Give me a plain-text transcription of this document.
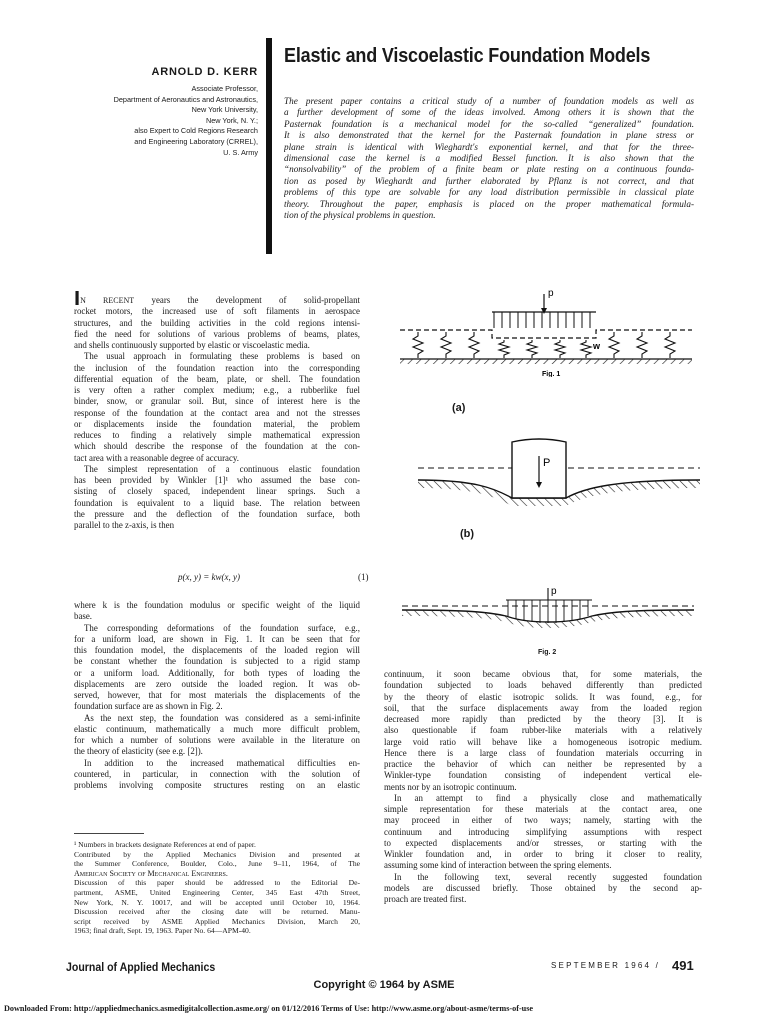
ARNOLD D. KERR
Associate Professor,
Department of Aeronautics and Astronautics,
New York University,
New York, N. Y.;
also Expert to Cold Regions Research
and Engineering Laboratory (CRREL),
U. S. Army
Elastic and Viscoelastic Foundation Models
The present paper contains a critical study of a number of foundation models as well as
a further development of some of the ideas involved. Among others it is shown that the
Pasternak foundation is a mechanical model for the so-called “generalized” foundation.
It is also demonstrated that the kernel for the Pasternak foundation in plane stress or
plane strain is identical with Wieghardt's exponential kernel, and that for the three-
dimensional case the kernel is a modified Bessel function. It is also shown that the
“nonsolvability” of the problem of a finite beam or plate resting on a continuous founda-
tion as posed by Wieghardt and further elaborated by Pflanz is not correct, and that
problems of this type are solvable for any load distribution permissible in classical plate
theory. Throughout the paper, emphasis is placed on the proper mathematical formula-
tion of the physical problems in question.
IN RECENT years the development of solid-propellant
rocket motors, the increased use of soft filaments in aerospace
structures, and the building activities in the cold regions intensi-
fied the need for solutions of various problems of beams, plates,
and shells continuously supported by elastic or viscoelastic media.
The usual approach in formulating these problems is based on
the inclusion of the foundation reaction into the corresponding
differential equation of the beam, plate, or shell. The foundation
is very often a rather complex medium; e.g., a rubberlike fuel
binder, snow, or granular soil. But, since of interest here is the
response of the foundation at the contact area and not the stresses
or displacements inside the foundation material, the problem
reduces to finding a relatively simple mathematical expression
which should describe the response of the foundation at the con-
tact area with a reasonable degree of accuracy.
The simplest representation of a continuous elastic foundation
has been provided by Winkler [1]¹ who assumed the base con-
sisting of closely spaced, independent linear springs. Such a
foundation is equivalent to a liquid base. The relation between
the pressure and the deflection of the foundation surface, both
parallel to the z-axis, is then
p(x, y) = kw(x, y)	(1)
where k is the foundation modulus or specific weight of the liquid
base.
The corresponding deformations of the foundation surface, e.g.,
for a uniform load, are shown in Fig. 1. It can be seen that for
this foundation model, the displacements of the loaded region will
be constant whether the foundation is subjected to a rigid stamp
or a uniform load. Additionally, for both types of loading the
displacements are zero outside the loaded region. It was ob-
served, however, that for most materials the displacements of the
foundation surface are as shown in Fig. 2.
As the next step, the foundation was considered as a semi-infinite
elastic continuum, mathematically a much more difficult problem,
for which a number of solutions were available in the literature on
the theory of elasticity (see e.g. [2]).
In addition to the increased mathematical difficulties en-
countered, in particular, in connection with the solution of
problems involving composite structures resting on an elastic
¹ Numbers in brackets designate References at end of paper.
Contributed by the Applied Mechanics Division and presented at
the Summer Conference, Boulder, Colo., June 9–11, 1964, of The
American Society of Mechanical Engineers.
Discussion of this paper should be addressed to the Editorial De-
partment, ASME, United Engineering Center, 345 East 47th Street,
New York, N. Y. 10017, and will be accepted until October 10, 1964.
Discussion received after the closing date will be returned. Manu-
script received by ASME Applied Mechanics Division, March 20,
1963; final draft, Sept. 19, 1963. Paper No. 64—APM-40.
continuum, it soon became obvious that, for some materials, the
foundation subjected to loads behaved differently than predicted
by the theory of elastic isotropic solids. It was found, e.g., for
soil, that the surface displacements away from the loaded region
decreased more rapidly than predicted by the theory [3]. It is
also questionable if foam rubber-like materials with a relatively
large void ratio will behave like a homogeneous isotropic medium.
Hence there is a large class of foundation materials occurring in
practice the behavior of which can neither be represented by a
Winkler-type foundation consisting of independent vertical ele-
ments nor by an isotropic continuum.
In an attempt to find a physically close and mathematically
simple representation for these materials at the contact area, one
may proceed in either of two ways; namely, starting with the
continuum and introducing simplifying assumptions with respect
to expected displacements and/or stresses, or starting with the
Winkler foundation and, in order to bring it closer to reality,
assuming some kind of interaction between the spring elements.
In the following text, several recently suggested foundation
models are discussed briefly. Those obtained by the second ap-
proach are treated first.
p
w
Fig. 1
(a)
P
(b)
p
Fig. 2
Journal of Applied Mechanics	SEPTEMBER 1964 / 491
Copyright © 1964 by ASME
Downloaded From: http://appliedmechanics.asmedigitalcollection.asme.org/ on 01/12/2016 Terms of Use: http://www.asme.org/about-asme/terms-of-use
